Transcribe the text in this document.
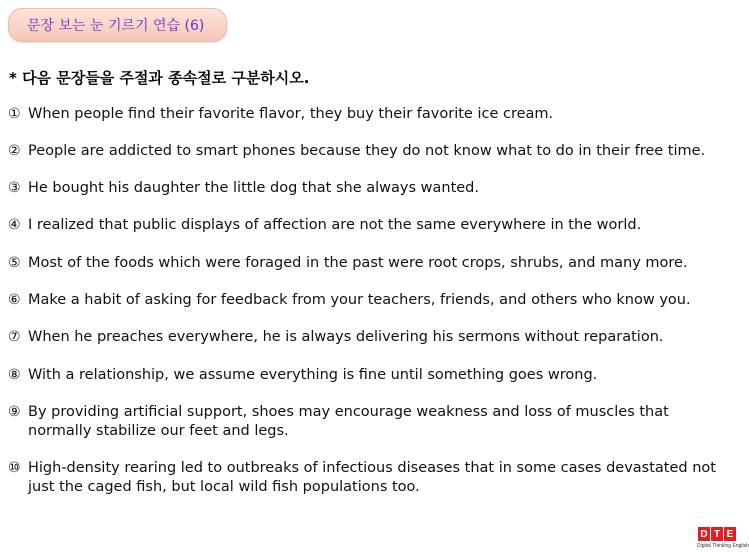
문장 보는 눈 기르기 연습 (6)
* 다음 문장들을 주절과 종속절로 구분하시오.
① When people find their favorite flavor, they buy their favorite ice cream.
② People are addicted to smart phones because they do not know what to do in their free time.
③ He bought his daughter the little dog that she always wanted.
④ I realized that public displays of affection are not the same everywhere in the world.
⑤ Most of the foods which were foraged in the past were root crops, shrubs, and many more.
⑥ Make a habit of asking for feedback from your teachers, friends, and others who know you.
⑦ When he preaches everywhere, he is always delivering his sermons without reparation.
⑧ With a relationship, we assume everything is fine until something goes wrong.
⑨ By providing artificial support, shoes may encourage weakness and loss of muscles that normally stabilize our feet and legs.
⑩ High-density rearing led to outbreaks of infectious diseases that in some cases devastated not just the caged fish, but local wild fish populations too.
D T E
Digital Thinking English
